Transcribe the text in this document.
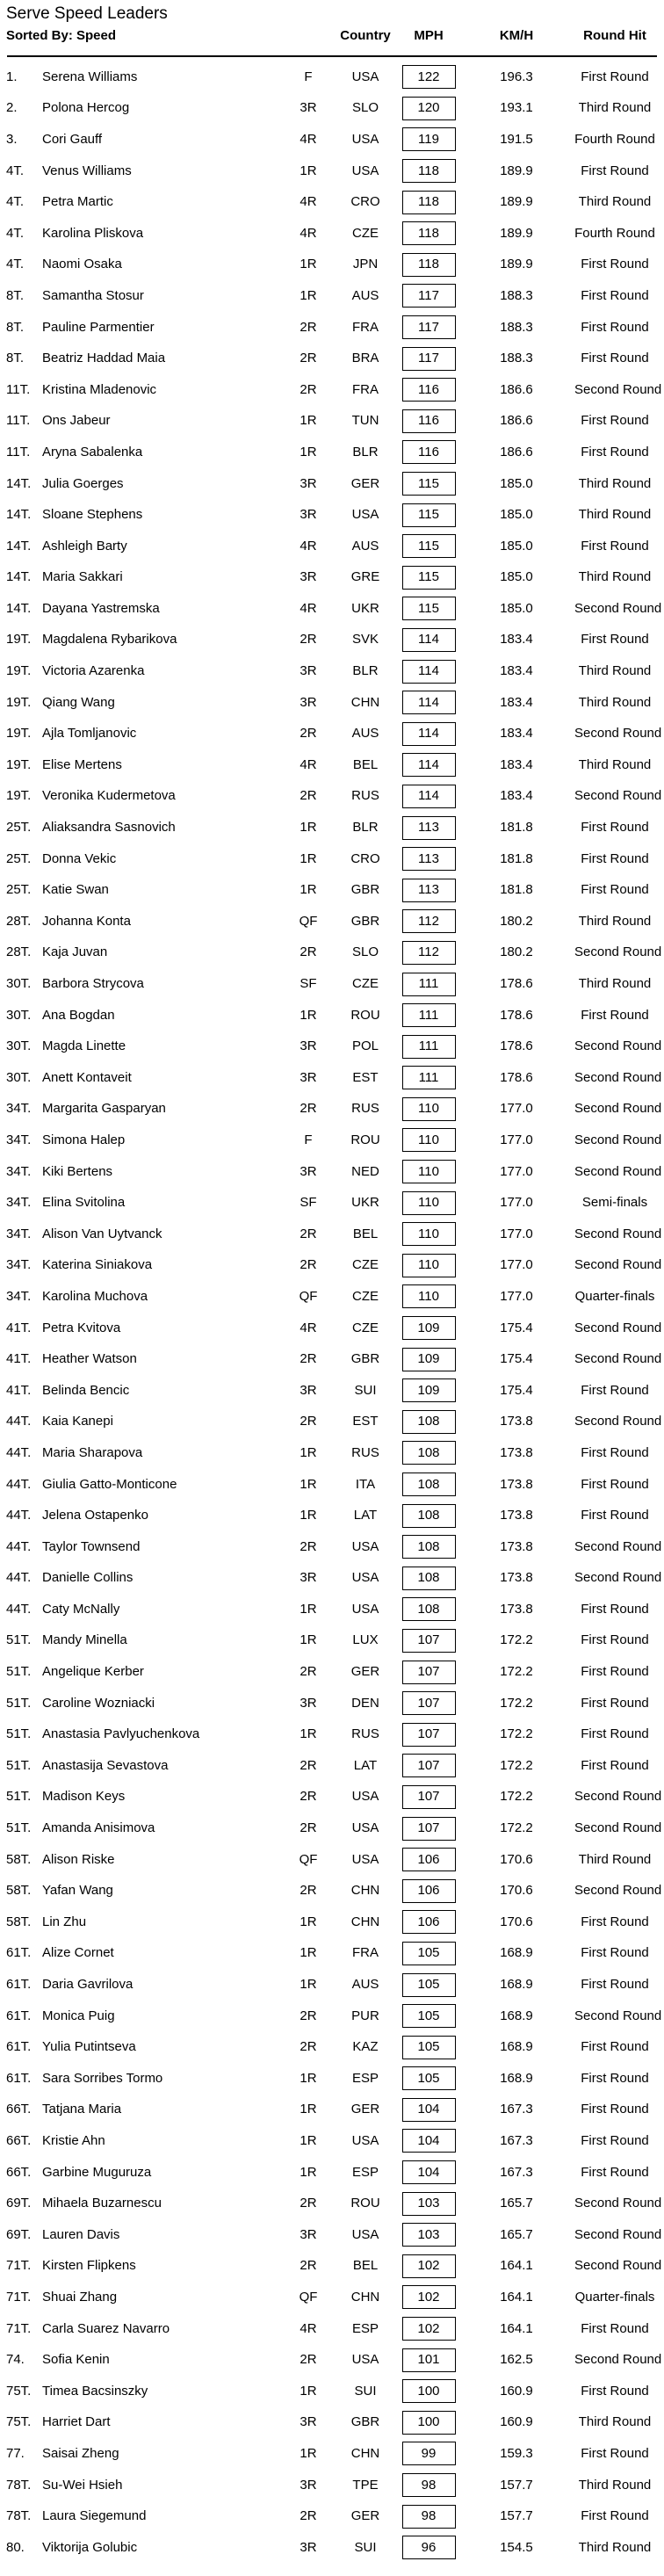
Serve Speed Leaders
Sorted By: Speed	Country	MPH	KM/H	Round Hit
1.	Serena Williams	F	USA	122	196.3	First Round
2.	Polona Hercog	3R	SLO	120	193.1	Third Round
3.	Cori Gauff	4R	USA	119	191.5	Fourth Round
4T.	Venus Williams	1R	USA	118	189.9	First Round
4T.	Petra Martic	4R	CRO	118	189.9	Third Round
4T.	Karolina Pliskova	4R	CZE	118	189.9	Fourth Round
4T.	Naomi Osaka	1R	JPN	118	189.9	First Round
8T.	Samantha Stosur	1R	AUS	117	188.3	First Round
8T.	Pauline Parmentier	2R	FRA	117	188.3	First Round
8T.	Beatriz Haddad Maia	2R	BRA	117	188.3	First Round
11T. Kristina Mladenovic	2R	FRA	116	186.6	Second Round
11T. Ons Jabeur	1R	TUN	116	186.6	First Round
11T. Aryna Sabalenka	1R	BLR	116	186.6	First Round
14T. Julia Goerges	3R	GER	115	185.0	Third Round
14T. Sloane Stephens	3R	USA	115	185.0	Third Round
14T. Ashleigh Barty	4R	AUS	115	185.0	First Round
14T. Maria Sakkari	3R	GRE	115	185.0	Third Round
14T. Dayana Yastremska	4R	UKR	115	185.0	Second Round
19T. Magdalena Rybarikova	2R	SVK	114	183.4	First Round
19T. Victoria Azarenka	3R	BLR	114	183.4	Third Round
19T. Qiang Wang	3R	CHN	114	183.4	Third Round
19T. Ajla Tomljanovic	2R	AUS	114	183.4	Second Round
19T. Elise Mertens	4R	BEL	114	183.4	Third Round
19T. Veronika Kudermetova	2R	RUS	114	183.4	Second Round
25T. Aliaksandra Sasnovich	1R	BLR	113	181.8	First Round
25T. Donna Vekic	1R	CRO	113	181.8	First Round
25T. Katie Swan	1R	GBR	113	181.8	First Round
28T. Johanna Konta	QF	GBR	112	180.2	Third Round
28T. Kaja Juvan	2R	SLO	112	180.2	Second Round
30T. Barbora Strycova	SF	CZE	111	178.6	Third Round
30T. Ana Bogdan	1R	ROU	111	178.6	First Round
30T. Magda Linette	3R	POL	111	178.6	Second Round
30T. Anett Kontaveit	3R	EST	111	178.6	Second Round
34T. Margarita Gasparyan	2R	RUS	110	177.0	Second Round
34T. Simona Halep	F	ROU	110	177.0	Second Round
34T. Kiki Bertens	3R	NED	110	177.0	Second Round
34T. Elina Svitolina	SF	UKR	110	177.0	Semi-finals
34T. Alison Van Uytvanck	2R	BEL	110	177.0	Second Round
34T. Katerina Siniakova	2R	CZE	110	177.0	Second Round
34T. Karolina Muchova	QF	CZE	110	177.0	Quarter-finals
41T. Petra Kvitova	4R	CZE	109	175.4	Second Round
41T. Heather Watson	2R	GBR	109	175.4	Second Round
41T. Belinda Bencic	3R	SUI	109	175.4	First Round
44T. Kaia Kanepi	2R	EST	108	173.8	Second Round
44T. Maria Sharapova	1R	RUS	108	173.8	First Round
44T. Giulia Gatto-Monticone	1R	ITA	108	173.8	First Round
44T. Jelena Ostapenko	1R	LAT	108	173.8	First Round
44T. Taylor Townsend	2R	USA	108	173.8	Second Round
44T. Danielle Collins	3R	USA	108	173.8	Second Round
44T. Caty McNally	1R	USA	108	173.8	First Round
51T. Mandy Minella	1R	LUX	107	172.2	First Round
51T. Angelique Kerber	2R	GER	107	172.2	First Round
51T. Caroline Wozniacki	3R	DEN	107	172.2	First Round
51T. Anastasia Pavlyuchenkova	1R	RUS	107	172.2	First Round
51T. Anastasija Sevastova	2R	LAT	107	172.2	First Round
51T. Madison Keys	2R	USA	107	172.2	Second Round
51T. Amanda Anisimova	2R	USA	107	172.2	Second Round
58T. Alison Riske	QF	USA	106	170.6	Third Round
58T. Yafan Wang	2R	CHN	106	170.6	Second Round
58T. Lin Zhu	1R	CHN	106	170.6	First Round
61T. Alize Cornet	1R	FRA	105	168.9	First Round
61T. Daria Gavrilova	1R	AUS	105	168.9	First Round
61T. Monica Puig	2R	PUR	105	168.9	Second Round
61T. Yulia Putintseva	2R	KAZ	105	168.9	First Round
61T. Sara Sorribes Tormo	1R	ESP	105	168.9	First Round
66T. Tatjana Maria	1R	GER	104	167.3	First Round
66T. Kristie Ahn	1R	USA	104	167.3	First Round
66T. Garbine Muguruza	1R	ESP	104	167.3	First Round
69T. Mihaela Buzarnescu	2R	ROU	103	165.7	Second Round
69T. Lauren Davis	3R	USA	103	165.7	Second Round
71T. Kirsten Flipkens	2R	BEL	102	164.1	Second Round
71T. Shuai Zhang	QF	CHN	102	164.1	Quarter-finals
71T. Carla Suarez Navarro	4R	ESP	102	164.1	First Round
74.	Sofia Kenin	2R	USA	101	162.5	Second Round
75T. Timea Bacsinszky	1R	SUI	100	160.9	First Round
75T. Harriet Dart	3R	GBR	100	160.9	Third Round
77.	Saisai Zheng	1R	CHN	99	159.3	First Round
78T. Su-Wei Hsieh	3R	TPE	98	157.7	Third Round
78T. Laura Siegemund	2R	GER	98	157.7	First Round
80.	Viktorija Golubic	3R	SUI	96	154.5	Third Round
